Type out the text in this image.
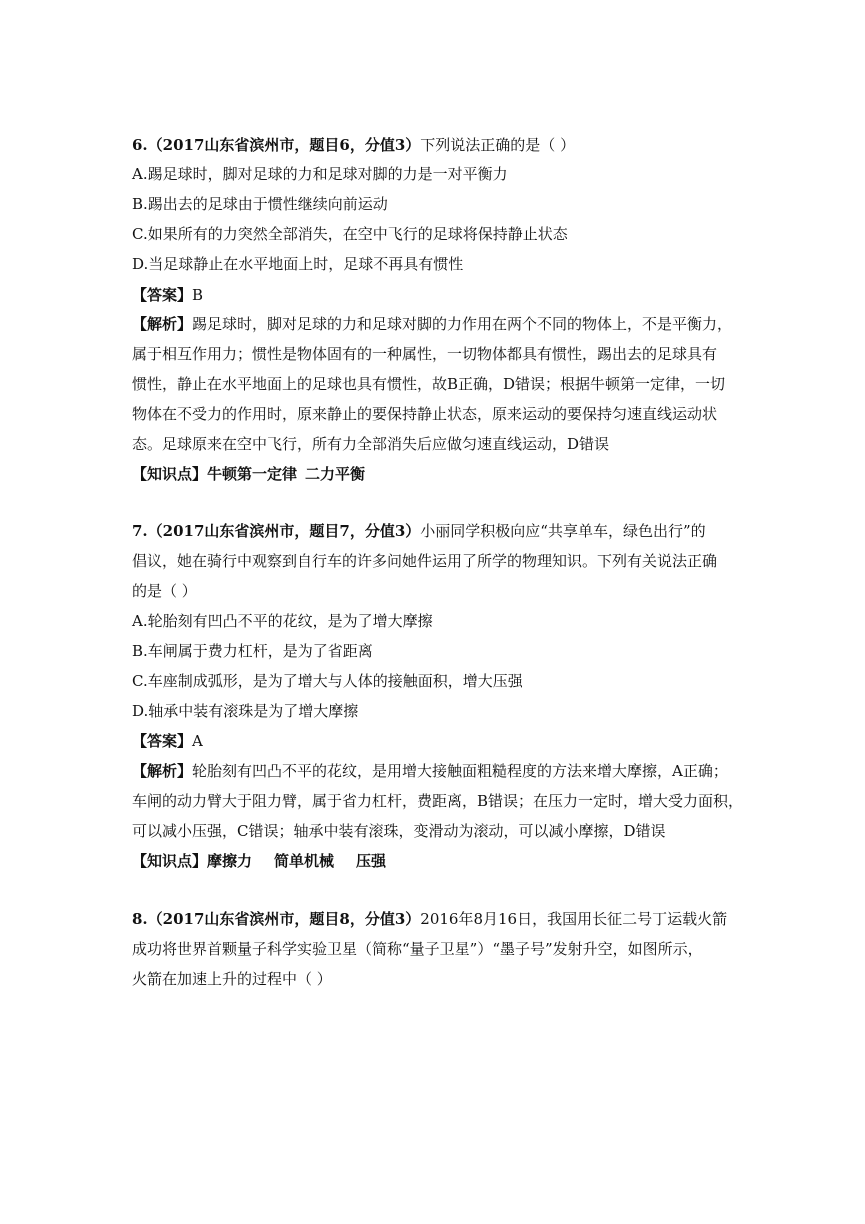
6.（2017山东省滨州市，题目6，分值3）下列说法正确的是（ ）
A.踢足球时，脚对足球的力和足球对脚的力是一对平衡力
B.踢出去的足球由于惯性继续向前运动
C.如果所有的力突然全部消失，在空中飞行的足球将保持静止状态
D.当足球静止在水平地面上时，足球不再具有惯性
【答案】B
【解析】踢足球时，脚对足球的力和足球对脚的力作用在两个不同的物体上，不是平衡力，
属于相互作用力；惯性是物体固有的一种属性，一切物体都具有惯性，踢出去的足球具有
惯性，静止在水平地面上的足球也具有惯性，故B正确，D错误；根据牛顿第一定律，一切
物体在不受力的作用时，原来静止的要保持静止状态，原来运动的要保持匀速直线运动状
态。足球原来在空中飞行，所有力全部消失后应做匀速直线运动，D错误
【知识点】牛顿第一定律 二力平衡
7.（2017山东省滨州市，题目7，分值3）小丽同学积极向应“共享单车，绿色出行”的
倡议，她在骑行中观察到自行车的许多问她件运用了所学的物理知识。下列有关说法正确
的是（ ）
A.轮胎刻有凹凸不平的花纹，是为了增大摩擦
B.车闸属于费力杠杆，是为了省距离
C.车座制成弧形，是为了增大与人体的接触面积，增大压强
D.轴承中装有滚珠是为了增大摩擦
【答案】A
【解析】轮胎刻有凹凸不平的花纹，是用增大接触面粗糙程度的方法来增大摩擦，A正确；
车闸的动力臂大于阻力臂，属于省力杠杆，费距离，B错误；在压力一定时，增大受力面积，
可以减小压强，C错误；轴承中装有滚珠，变滑动为滚动，可以减小摩擦，D错误
【知识点】摩擦力 简单机械 压强
8.（2017山东省滨州市，题目8，分值3）2016年8月16日，我国用长征二号丁运载火箭
成功将世界首颗量子科学实验卫星（简称“量子卫星”）“墨子号”发射升空，如图所示，
火箭在加速上升的过程中（ ）
